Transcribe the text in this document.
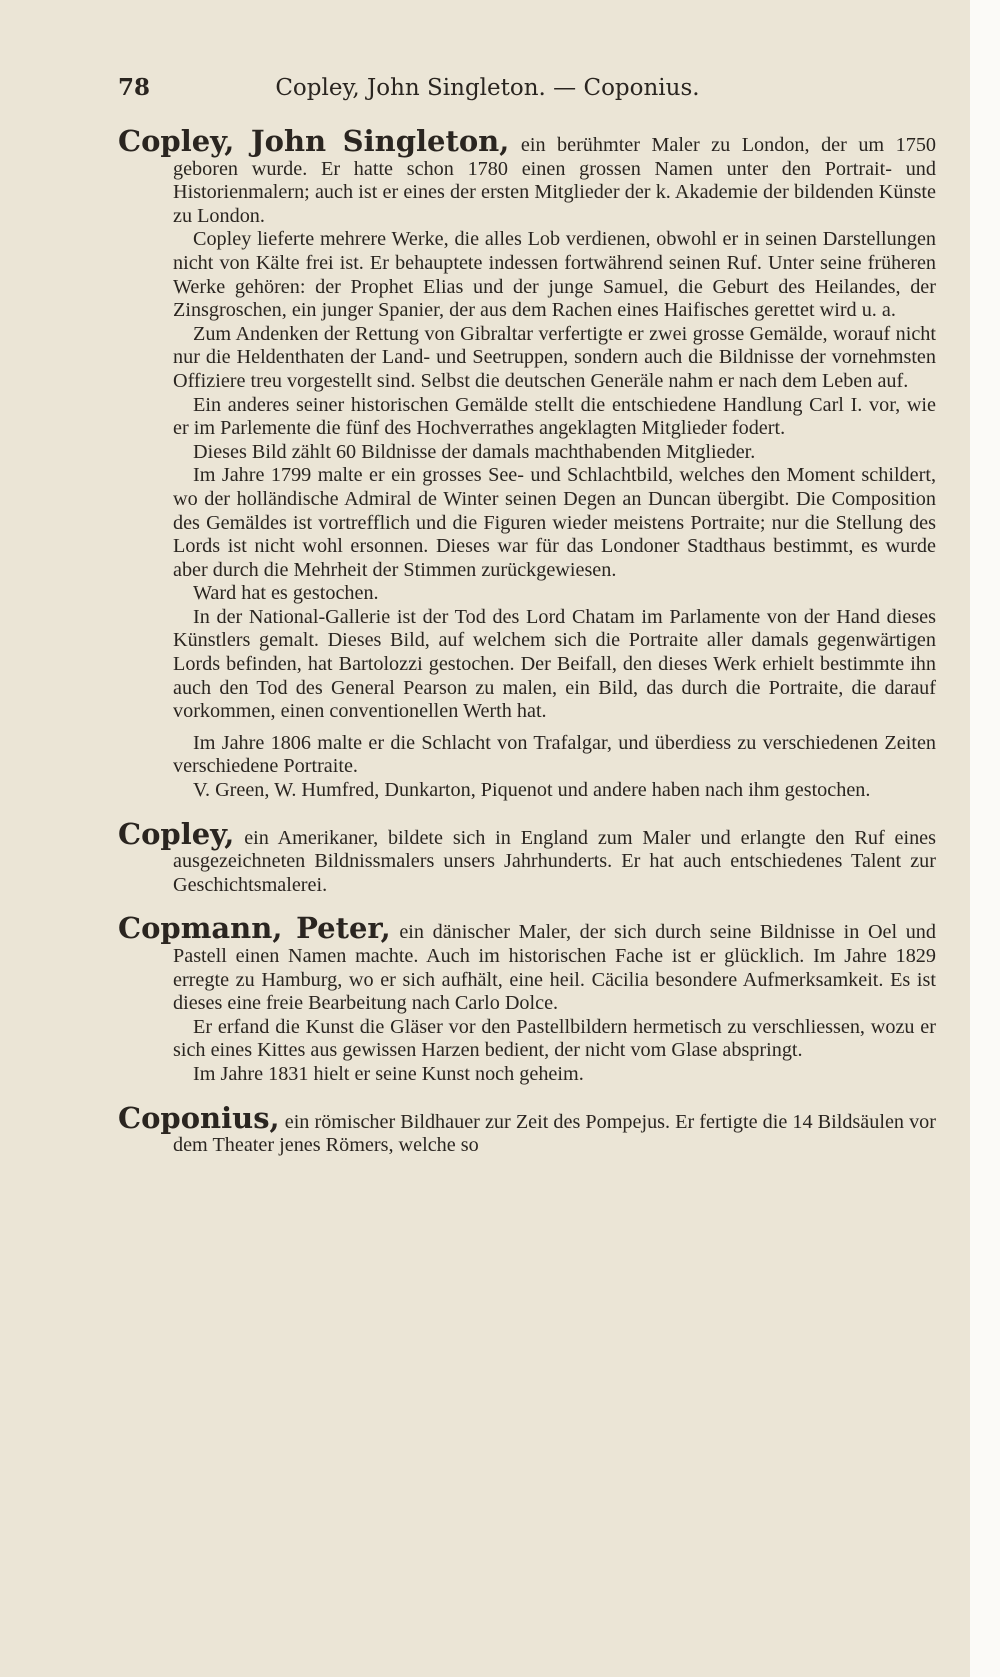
78	Copley, John Singleton. — Coponius.

Copley, John Singleton, ein berühmter Maler zu London, der um 1750 geboren wurde. Er hatte schon 1780 einen grossen Namen unter den Portrait- und Historienmalern; auch ist er eines der ersten Mitglieder der k. Akademie der bildenden Künste zu London.

Copley lieferte mehrere Werke, die alles Lob verdienen, obwohl er in seinen Darstellungen nicht von Kälte frei ist. Er behauptete indessen fortwährend seinen Ruf. Unter seine früheren Werke gehören: der Prophet Elias und der junge Samuel, die Geburt des Heilandes, der Zinsgroschen, ein junger Spanier, der aus dem Rachen eines Haifisches gerettet wird u. a.

Zum Andenken der Rettung von Gibraltar verfertigte er zwei grosse Gemälde, worauf nicht nur die Heldenthaten der Land- und Seetruppen, sondern auch die Bildnisse der vornehmsten Offiziere treu vorgestellt sind. Selbst die deutschen Generäle nahm er nach dem Leben auf.

Ein anderes seiner historischen Gemälde stellt die entschiedene Handlung Carl I. vor, wie er im Parlemente die fünf des Hochverrathes angeklagten Mitglieder fodert.

Dieses Bild zählt 60 Bildnisse der damals machthabenden Mitglieder.

Im Jahre 1799 malte er ein grosses See- und Schlachtbild, welches den Moment schildert, wo der holländische Admiral de Winter seinen Degen an Duncan übergibt. Die Composition des Gemäldes ist vortrefflich und die Figuren wieder meistens Portraite; nur die Stellung des Lords ist nicht wohl ersonnen. Dieses war für das Londoner Stadthaus bestimmt, es wurde aber durch die Mehrheit der Stimmen zurückgewiesen.

Ward hat es gestochen.

In der National-Gallerie ist der Tod des Lord Chatam im Parlamente von der Hand dieses Künstlers gemalt. Dieses Bild, auf welchem sich die Portraite aller damals gegenwärtigen Lords befinden, hat Bartolozzi gestochen. Der Beifall, den dieses Werk erhielt bestimmte ihn auch den Tod des General Pearson zu malen, ein Bild, das durch die Portraite, die darauf vorkommen, einen conventionellen Werth hat.

Im Jahre 1806 malte er die Schlacht von Trafalgar, und überdiess zu verschiedenen Zeiten verschiedene Portraite.

V. Green, W. Humfred, Dunkarton, Piquenot und andere haben nach ihm gestochen.

Copley, ein Amerikaner, bildete sich in England zum Maler und erlangte den Ruf eines ausgezeichneten Bildnissmalers unsers Jahrhunderts. Er hat auch entschiedenes Talent zur Geschichtsmalerei.

Copmann, Peter, ein dänischer Maler, der sich durch seine Bildnisse in Oel und Pastell einen Namen machte. Auch im historischen Fache ist er glücklich. Im Jahre 1829 erregte zu Hamburg, wo er sich aufhält, eine heil. Cäcilia besondere Aufmerksamkeit. Es ist dieses eine freie Bearbeitung nach Carlo Dolce.

Er erfand die Kunst die Gläser vor den Pastellbildern hermetisch zu verschliessen, wozu er sich eines Kittes aus gewissen Harzen bedient, der nicht vom Glase abspringt.

Im Jahre 1831 hielt er seine Kunst noch geheim.

Coponius, ein römischer Bildhauer zur Zeit des Pompejus. Er fertigte die 14 Bildsäulen vor dem Theater jenes Römers, welche so
